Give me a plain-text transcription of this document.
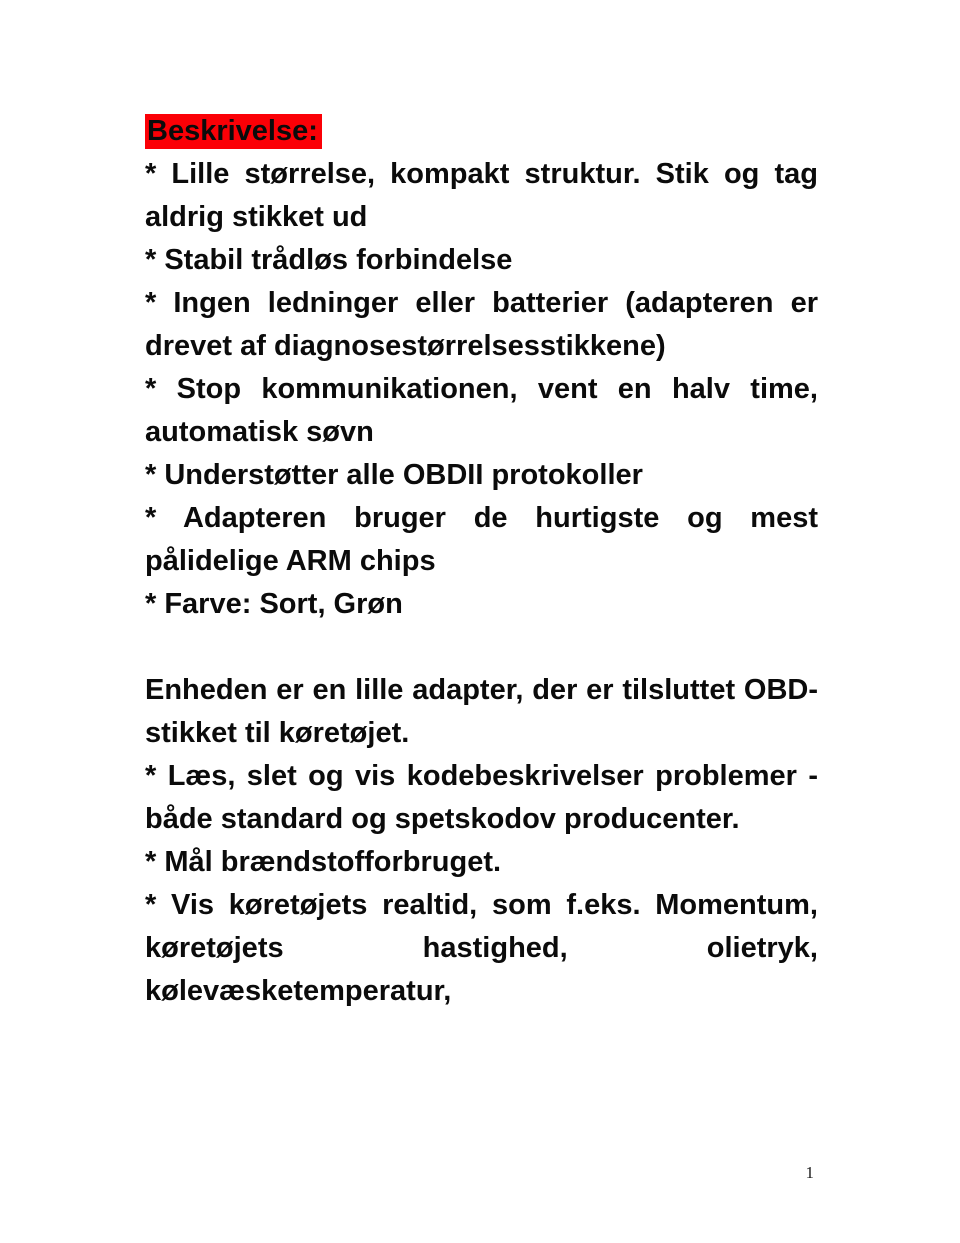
Beskrivelse:

* Lille størrelse, kompakt struktur. Stik og tag aldrig stikket ud

* Stabil trådløs forbindelse

* Ingen ledninger eller batterier (adapteren er drevet af diagnosestørrelsesstikkene)

* Stop kommunikationen, vent en halv time, automatisk søvn

* Understøtter alle OBDII protokoller

* Adapteren bruger de hurtigste og mest pålidelige ARM chips

* Farve: Sort, Grøn

Enheden er en lille adapter, der er tilsluttet OBD-stikket til køretøjet.

* Læs, slet og vis kodebeskrivelser problemer - både standard og spetskodov producenter.

* Mål brændstofforbruget.

* Vis køretøjets realtid, som f.eks. Momentum, køretøjets hastighed, olietryk, kølevæsketemperatur,

1
